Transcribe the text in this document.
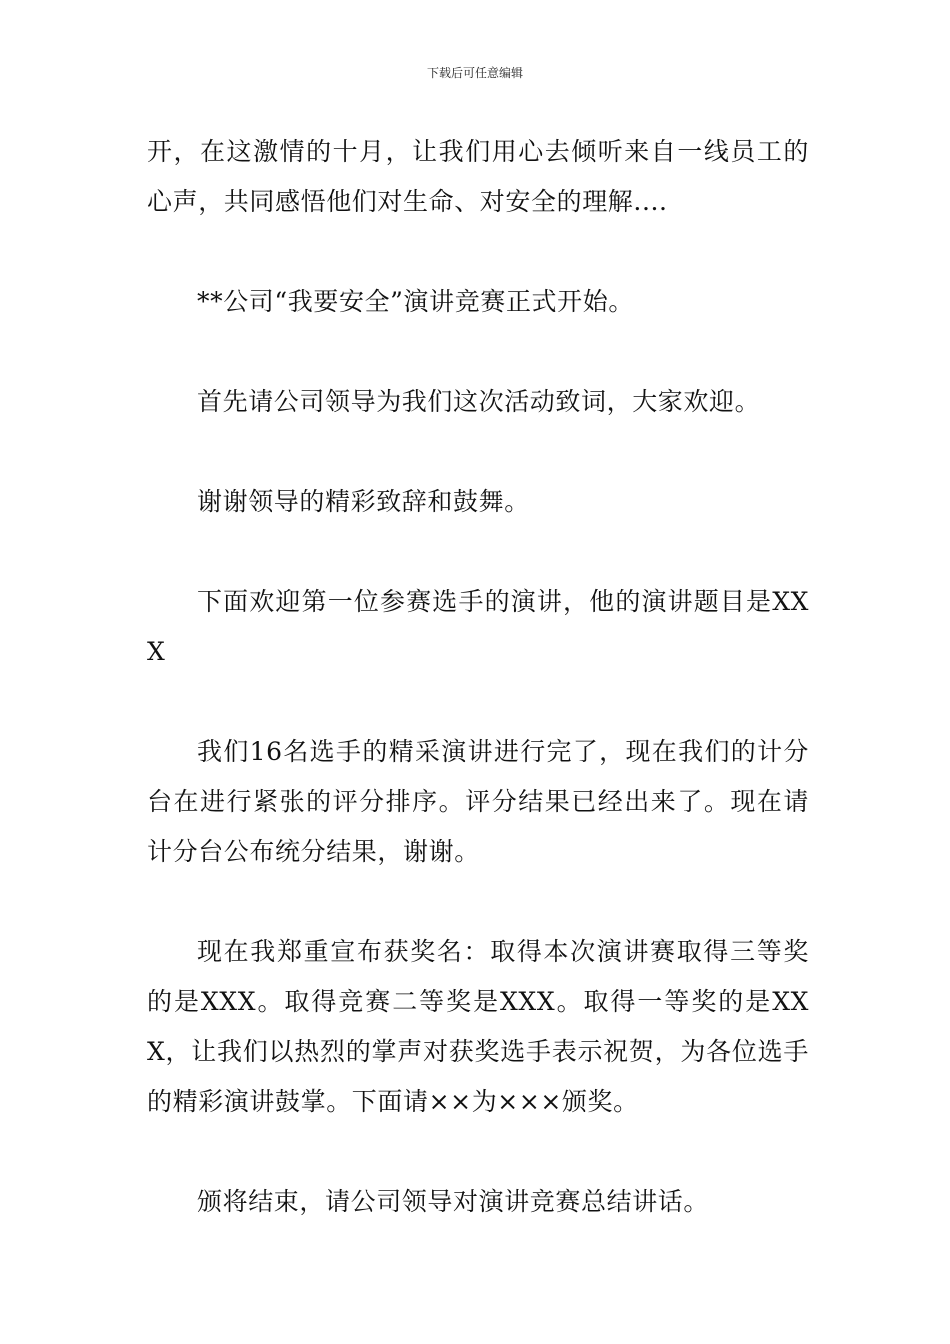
下载后可任意编辑

开，在这激情的十月，让我们用心去倾听来自一线员工的心声，共同感悟他们对生命、对安全的理解....

**公司“我要安全”演讲竞赛正式开始。

首先请公司领导为我们这次活动致词，大家欢迎。

谢谢领导的精彩致辞和鼓舞。

下面欢迎第一位参赛选手的演讲，他的演讲题目是XXX

我们16名选手的精采演讲进行完了，现在我们的计分台在进行紧张的评分排序。评分结果已经出来了。现在请计分台公布统分结果，谢谢。

现在我郑重宣布获奖名：取得本次演讲赛取得三等奖的是XXX。取得竞赛二等奖是XXX。取得一等奖的是XXX，让我们以热烈的掌声对获奖选手表示祝贺，为各位选手的精彩演讲鼓掌。下面请××为×××颁奖。

颁将结束，请公司领导对演讲竞赛总结讲话。
